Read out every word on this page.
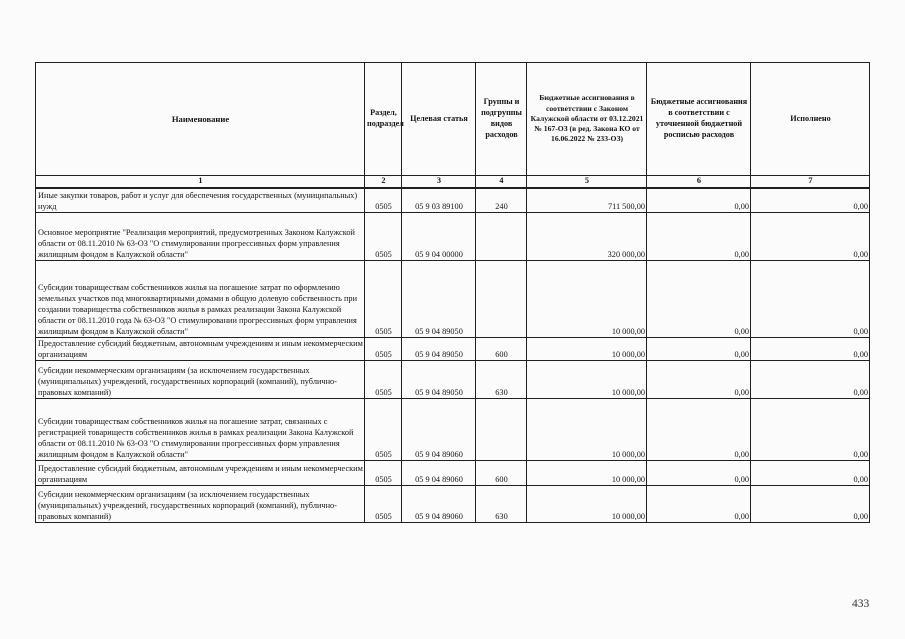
Наименование	Раздел, подраздел	Целевая статья	Группы и подгруппы видов расходов	Бюджетные ассигнования в соответствии с Законом Калужской области от 03.12.2021 № 167-ОЗ (в ред. Закона КО от 16.06.2022 № 233-ОЗ)	Бюджетные ассигнования в соответствии с уточненной бюджетной росписью расходов	Исполнено
1	2	3	4	5	6	7
Иные закупки товаров, работ и услуг для обеспечения государственных (муниципальных) нужд	0505	05 9 03 89100	240	711 500,00	0,00	0,00
Основное мероприятие "Реализация мероприятий, предусмотренных Законом Калужской области от 08.11.2010 № 63-ОЗ "О стимулировании прогрессивных форм управления жилищным фондом в Калужской области"	0505	05 9 04 00000		320 000,00	0,00	0,00
Субсидии товариществам собственников жилья на погашение затрат по оформлению земельных участков под многоквартирными домами в общую долевую собственность при создании товарищества собственников жилья в рамках реализации Закона Калужской области от 08.11.2010 года № 63-ОЗ "О стимулировании прогрессивных форм управления жилищным фондом в Калужской области"	0505	05 9 04 89050		10 000,00	0,00	0,00
Предоставление субсидий бюджетным, автономным учреждениям и иным некоммерческим организациям	0505	05 9 04 89050	600	10 000,00	0,00	0,00
Субсидии некоммерческим организациям (за исключением государственных (муниципальных) учреждений, государственных корпораций (компаний), публично-правовых компаний)	0505	05 9 04 89050	630	10 000,00	0,00	0,00
Субсидии товариществам собственников жилья на погашение затрат, связанных с регистрацией товариществ собственников жилья в рамках реализации Закона Калужской области от 08.11.2010 № 63-ОЗ "О стимулировании прогрессивных форм управления жилищным фондом в Калужской области"	0505	05 9 04 89060		10 000,00	0,00	0,00
Предоставление субсидий бюджетным, автономным учреждениям и иным некоммерческим организациям	0505	05 9 04 89060	600	10 000,00	0,00	0,00
Субсидии некоммерческим организациям (за исключением государственных (муниципальных) учреждений, государственных корпораций (компаний), публично-правовых компаний)	0505	05 9 04 89060	630	10 000,00	0,00	0,00
433
